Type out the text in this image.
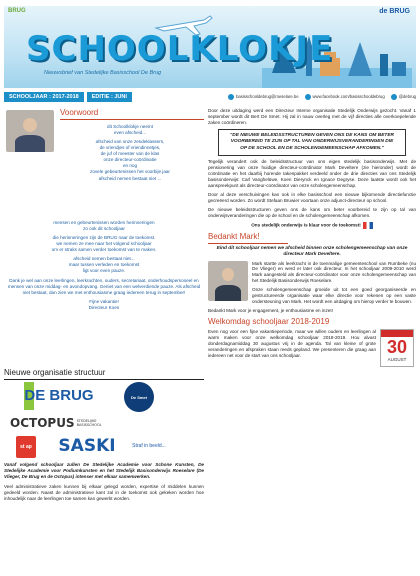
BRUG	de BRUG
SCHOOLKLOKJE
Nieuwsbrief van Stedelijke Basisschool De Brug
SCHOOLJAAR : 2017-2018	EDITIE : JUNI	basisschooldebrug@roeselare.be	www.facebook.com/basisschooldebrug	@debrug
Voorwoord

dit Schoolklokje neemt
even afscheid...

afscheid van onze zesdeklassers,
de vriendjes of vriendinnetjes,
de juf of meester van de klas
onze directeur-coördinatie
en nog
zovele gebeurtenissen het voorbije jaar
afscheid nemen bestaat niet ...

mensen en gebeurtenissen worden herinneringen
zo ook dit schooljaar

die herinneringen zijn de BRUG naar de toekomst.
we nemen ze mee naar het volgend schooljaar
om er straks samen verder toekomst van te maken.

afscheid nemen bestaat niet...
maar tussen verleden en toekomst
ligt voor even pauze.

Dank je wel aan onze leerlingen, leerkrachten, ouders, secretariaat, onderhoudspersoneel en mensen van onze middag- en avondopvang. Geniet van een welverdiende pauze. Als afscheid niet bestaat, dan zien we met enthousiasme graag iedereen terug in september!

Fijne vakantie!

Directeur Koen

Nieuwe organisatie structuur
DE BRUG	De Smet
OCTOPUS STEDELIJKE BASISSCHOOL
st ap	SASKI	Straf in beeld...

Vanaf volgend schooljaar zullen De Stedelijke Academie voor Schone Kunsten, De Stedelijke Academie voor Podiumkunsten en het Stedelijk Basisonderwijs Roeselare (De Vlieger, De Brug en de Octopus) intenser met elkaar samenwerken.

Veel administratieve zaken kunnen bij elkaar gelegd worden, expertise of middelen kunnen gedeeld worden. Naast de administratieve kant zal in de toekomst ook gekeken worden hoe inhoudelijk naar de leerlingen toe samen kan gewerkt worden.

Door deze uitdaging werd een Directeur Interne organisatie Stedelijk Onderwijs gezocht. Vanaf 1 september wordt dit Bert De Smet. Hij zal in nauw overleg met de vijf directies alle overkoepelende zaken coördineren.

"DE NIEUWE BELEIDSSTRUCTUREN GEVEN ONS DE KANS OM BETER VOORBEREID TE ZIJN OP TAL VAN ONDERWIJSVERANDERINGEN DIE OP DE SCHOOL EN DE SCHOLENGEMEENSCHAP AFKOMEN."

Tegelijk verandert ook de beleidsstructuur van ons eigen stedelijk basisonderwijs. Met de pensionering van onze huidige directeur-coördinator Mark Develtere (zie hieronder) wordt de coördinatie en het daarbij horende takenpakket verdeeld onder de drie directies van ons Stedelijk basisonderwijs: Carl Vanghelüwe, Koen Dierynck en Ignace Degryse. Deze laatste wordt ook het aanspreekpunt als directeur-coördinator van onze scholengemeenschap.

Door al deze verschuivingen kan ook in elke basisschool een nieuwe bijkomende directiefunctie gecreëerd worden. Zo wordt Stefaan Bruwier voortaan onze adjunct-directeur op school.

De nieuwe beleidsstructuren geven ons de kans om beter voorbereid te zijn op tal van onderwijsveranderingen die op de school en de scholengemeenschap afkomen.

Ons stedelijk onderwijs is klaar voor de toekomst!

Bedankt Mark!
Eind dit schooljaar nemen we afscheid binnen onze scholengemeenschap van onze directeur Mark Develtere.

Mark startte als leerkracht in de toenmalige gemeenteschool van Rumbeke (nu De Vlieger) en werd er later ook directeur. In het schooljaar 2009-2010 werd Mark aangesteld als directeur-coördinator voor onze scholengemeenschap van het Stedelijk Basisonderwijs Roeselare.

Onze scholengemeenschap groeide uit tot een goed georganiseerde en gestructureerde organisatie waar elke directie voor rekenen op een vaste ondersteuning van Mark. Het wordt een uitdaging om hierop verder te bouwen.

Bedankt Mark voor je engagement, je enthousiasme en inzet!

Welkomdag schooljaar 2018-2019
30
AUGUST
Even nog voor een fijne vakantieperiode, maar we willen ouders en leerlingen al warm maken voor onze welkomdag schooljaar 2018-2019. Hou alvast donderdagnamiddag 30 augustus vrij in de agenda. Tal van kleine of grote veranderingen en afspraken staan reeds gepland. We presenteren die graag aan iedereen net voor de start van ons schooljaar.
